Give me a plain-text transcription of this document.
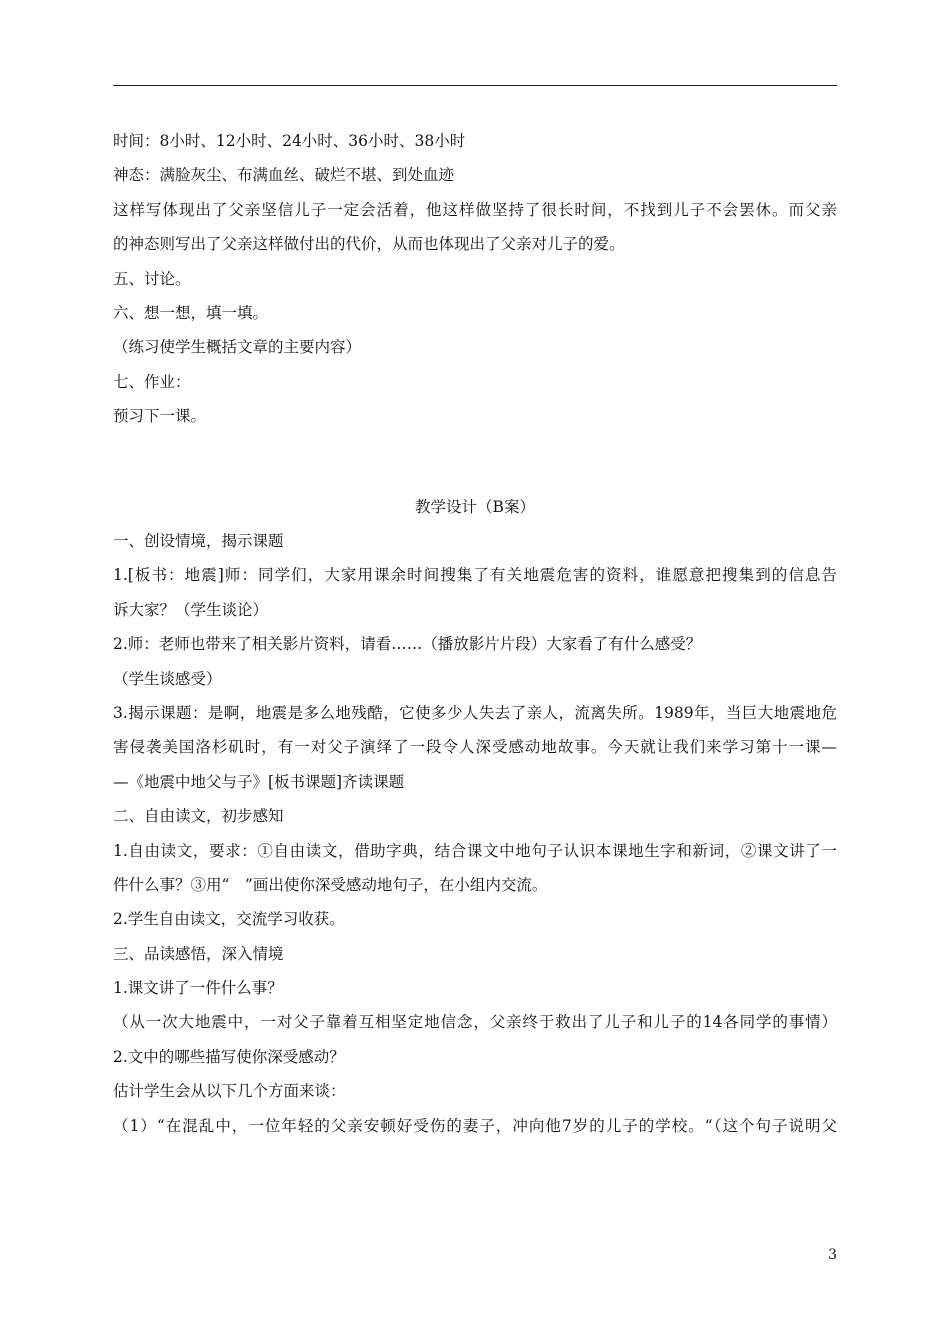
时间：8小时、12小时、24小时、36小时、38小时
神态：满脸灰尘、布满血丝、破烂不堪、到处血迹
这样写体现出了父亲坚信儿子一定会活着，他这样做坚持了很长时间，不找到儿子不会罢休。而父亲
的神态则写出了父亲这样做付出的代价，从而也体现出了父亲对儿子的爱。
五、讨论。
六、想一想，填一填。
（练习使学生概括文章的主要内容）
七、作业：
预习下一课。
教学设计（B案）
一、创设情境，揭示课题
1.[板书：地震]师：同学们，大家用课余时间搜集了有关地震危害的资料，谁愿意把搜集到的信息告
诉大家？（学生谈论）
2.师：老师也带来了相关影片资料，请看……（播放影片片段）大家看了有什么感受？
（学生谈感受）
3.揭示课题：是啊，地震是多么地残酷，它使多少人失去了亲人，流离失所。1989年，当巨大地震地危
害侵袭美国洛杉矶时，有一对父子演绎了一段令人深受感动地故事。今天就让我们来学习第十一课—
—《地震中地父与子》[板书课题]齐读课题
二、自由读文，初步感知
1.自由读文，要求：①自由读文，借助字典，结合课文中地句子认识本课地生字和新词，②课文讲了一
件什么事？③用“　”画出使你深受感动地句子，在小组内交流。
2.学生自由读文，交流学习收获。
三、品读感悟，深入情境
1.课文讲了一件什么事？
（从一次大地震中，一对父子靠着互相坚定地信念，父亲终于救出了儿子和儿子的14各同学的事情）
2.文中的哪些描写使你深受感动？
估计学生会从以下几个方面来谈：
（1）“在混乱中，一位年轻的父亲安顿好受伤的妻子，冲向他7岁的儿子的学校。“（这个句子说明父
3
